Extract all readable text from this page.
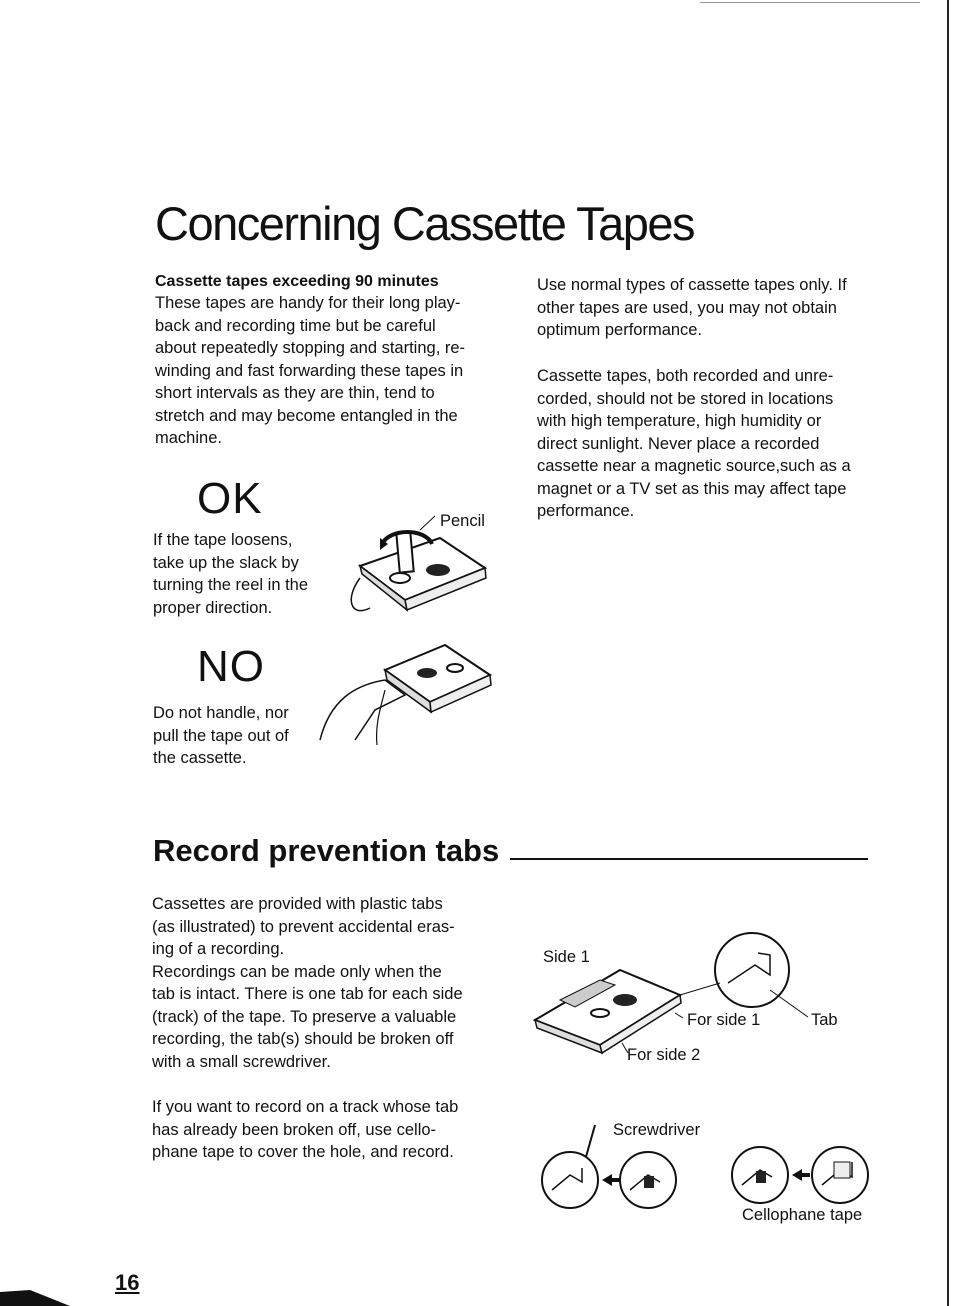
Concerning Cassette Tapes
Cassette tapes exceeding 90 minutes
These tapes are handy for their long play-
back and recording time but be careful
about repeatedly stopping and starting, re-
winding and fast forwarding these tapes in
short intervals as they are thin, tend to
stretch and may become entangled in the
machine.
Use normal types of cassette tapes only. If
other tapes are used, you may not obtain
optimum performance.
Cassette tapes, both recorded and unre-
corded, should not be stored in locations
with high temperature, high humidity or
direct sunlight. Never place a recorded
cassette near a magnetic source,such as a
magnet or a TV set as this may affect tape
performance.
OK
If the tape loosens,
take up the slack by
turning the reel in the
proper direction.
Pencil
NO
Do not handle, nor
pull the tape out of
the cassette.
Record prevention tabs
Cassettes are provided with plastic tabs
(as illustrated) to prevent accidental eras-
ing of a recording.
Recordings can be made only when the
tab is intact. There is one tab for each side
(track) of the tape. To preserve a valuable
recording, the tab(s) should be broken off
with a small screwdriver.
If you want to record on a track whose tab
has already been broken off, use cello-
phane tape to cover the hole, and record.
Side 1
For side 1	Tab
For side 2
Screwdriver
Cellophane tape
16
